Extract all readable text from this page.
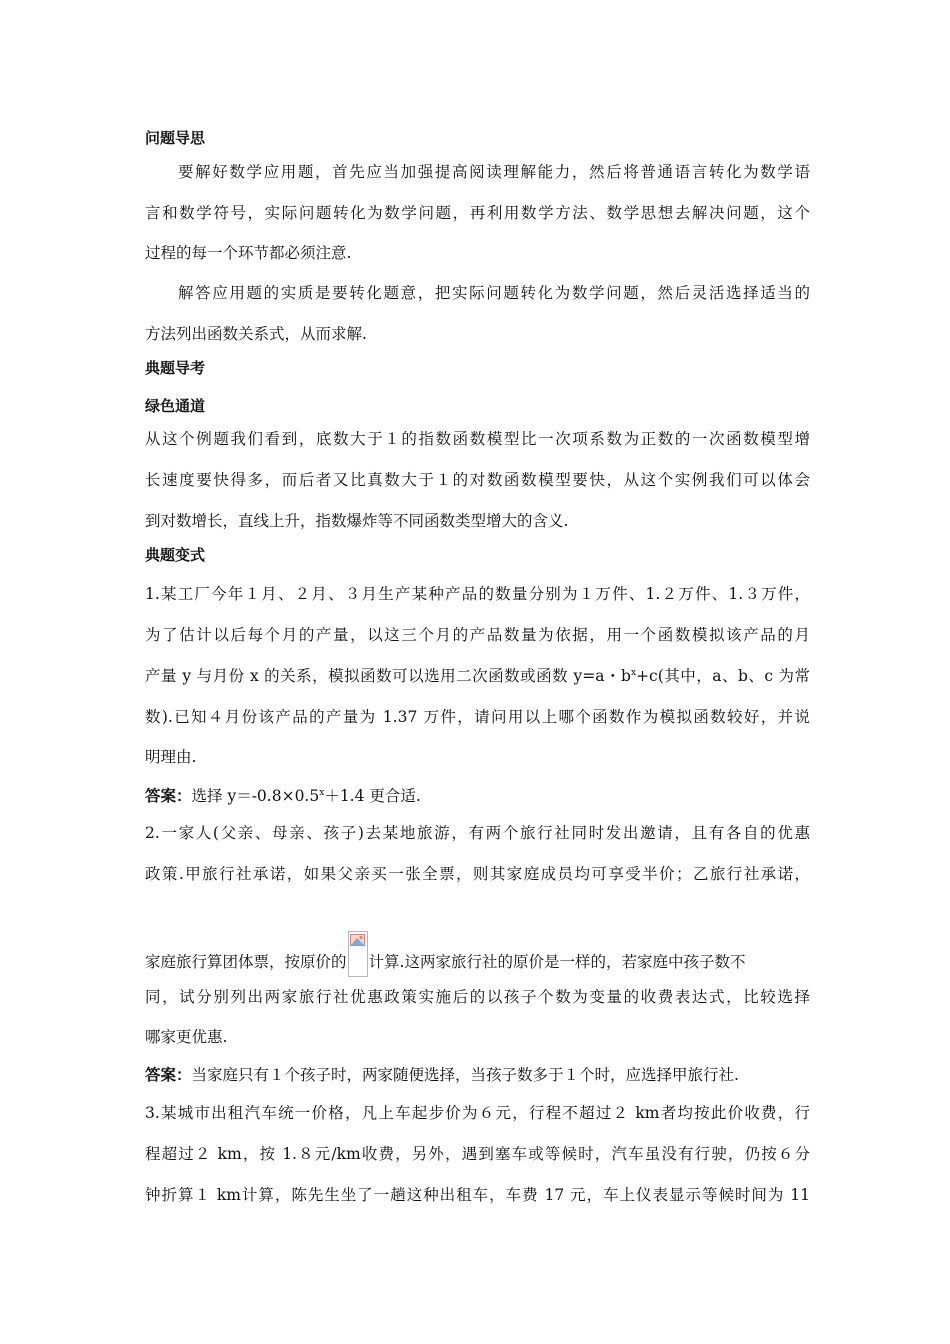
问题导思
要解好数学应用题，首先应当加强提高阅读理解能力，然后将普通语言转化为数学语
言和数学符号，实际问题转化为数学问题，再利用数学方法、数学思想去解决问题，这个
过程的每一个环节都必须注意.
解答应用题的实质是要转化题意，把实际问题转化为数学问题，然后灵活选择适当的
方法列出函数关系式，从而求解.
典题导考
绿色通道
从这个例题我们看到，底数大于１的指数函数模型比一次项系数为正数的一次函数模型增
长速度要快得多，而后者又比真数大于１的对数函数模型要快，从这个实例我们可以体会
到对数增长，直线上升，指数爆炸等不同函数类型增大的含义.
典题变式
1.某工厂今年１月、２月、３月生产某种产品的数量分别为１万件、1.２万件、1.３万件，
为了估计以后每个月的产量，以这三个月的产品数量为依据，用一个函数模拟该产品的月
产量 y 与月份 x 的关系，模拟函数可以选用二次函数或函数 y=a・$b^x+c$(其中，a、b、c 为常
数).已知４月份该产品的产量为 1.37 万件，请问用以上哪个函数作为模拟函数较好，并说
明理由.
答案：选择 $y=-0.8\times 0.5^x+1.4$ 更合适.
2.一家人(父亲、母亲、孩子)去某地旅游，有两个旅行社同时发出邀请，且有各自的优惠
政策.甲旅行社承诺，如果父亲买一张全票，则其家庭成员均可享受半价；乙旅行社承诺，
家庭旅行算团体票，按原价的 计算.这两家旅行社的原价是一样的，若家庭中孩子数不
同，试分别列出两家旅行社优惠政策实施后的以孩子个数为变量的收费表达式，比较选择
哪家更优惠.
答案：当家庭只有１个孩子时，两家随便选择，当孩子数多于１个时，应选择甲旅行社.
3.某城市出租汽车统一价格，凡上车起步价为６元，行程不超过２ km者均按此价收费，行
程超过２ km，按 1.８元/km收费，另外，遇到塞车或等候时，汽车虽没有行驶，仍按６分
钟折算１ km计算，陈先生坐了一趟这种出租车，车费 17 元，车上仪表显示等候时间为 11
